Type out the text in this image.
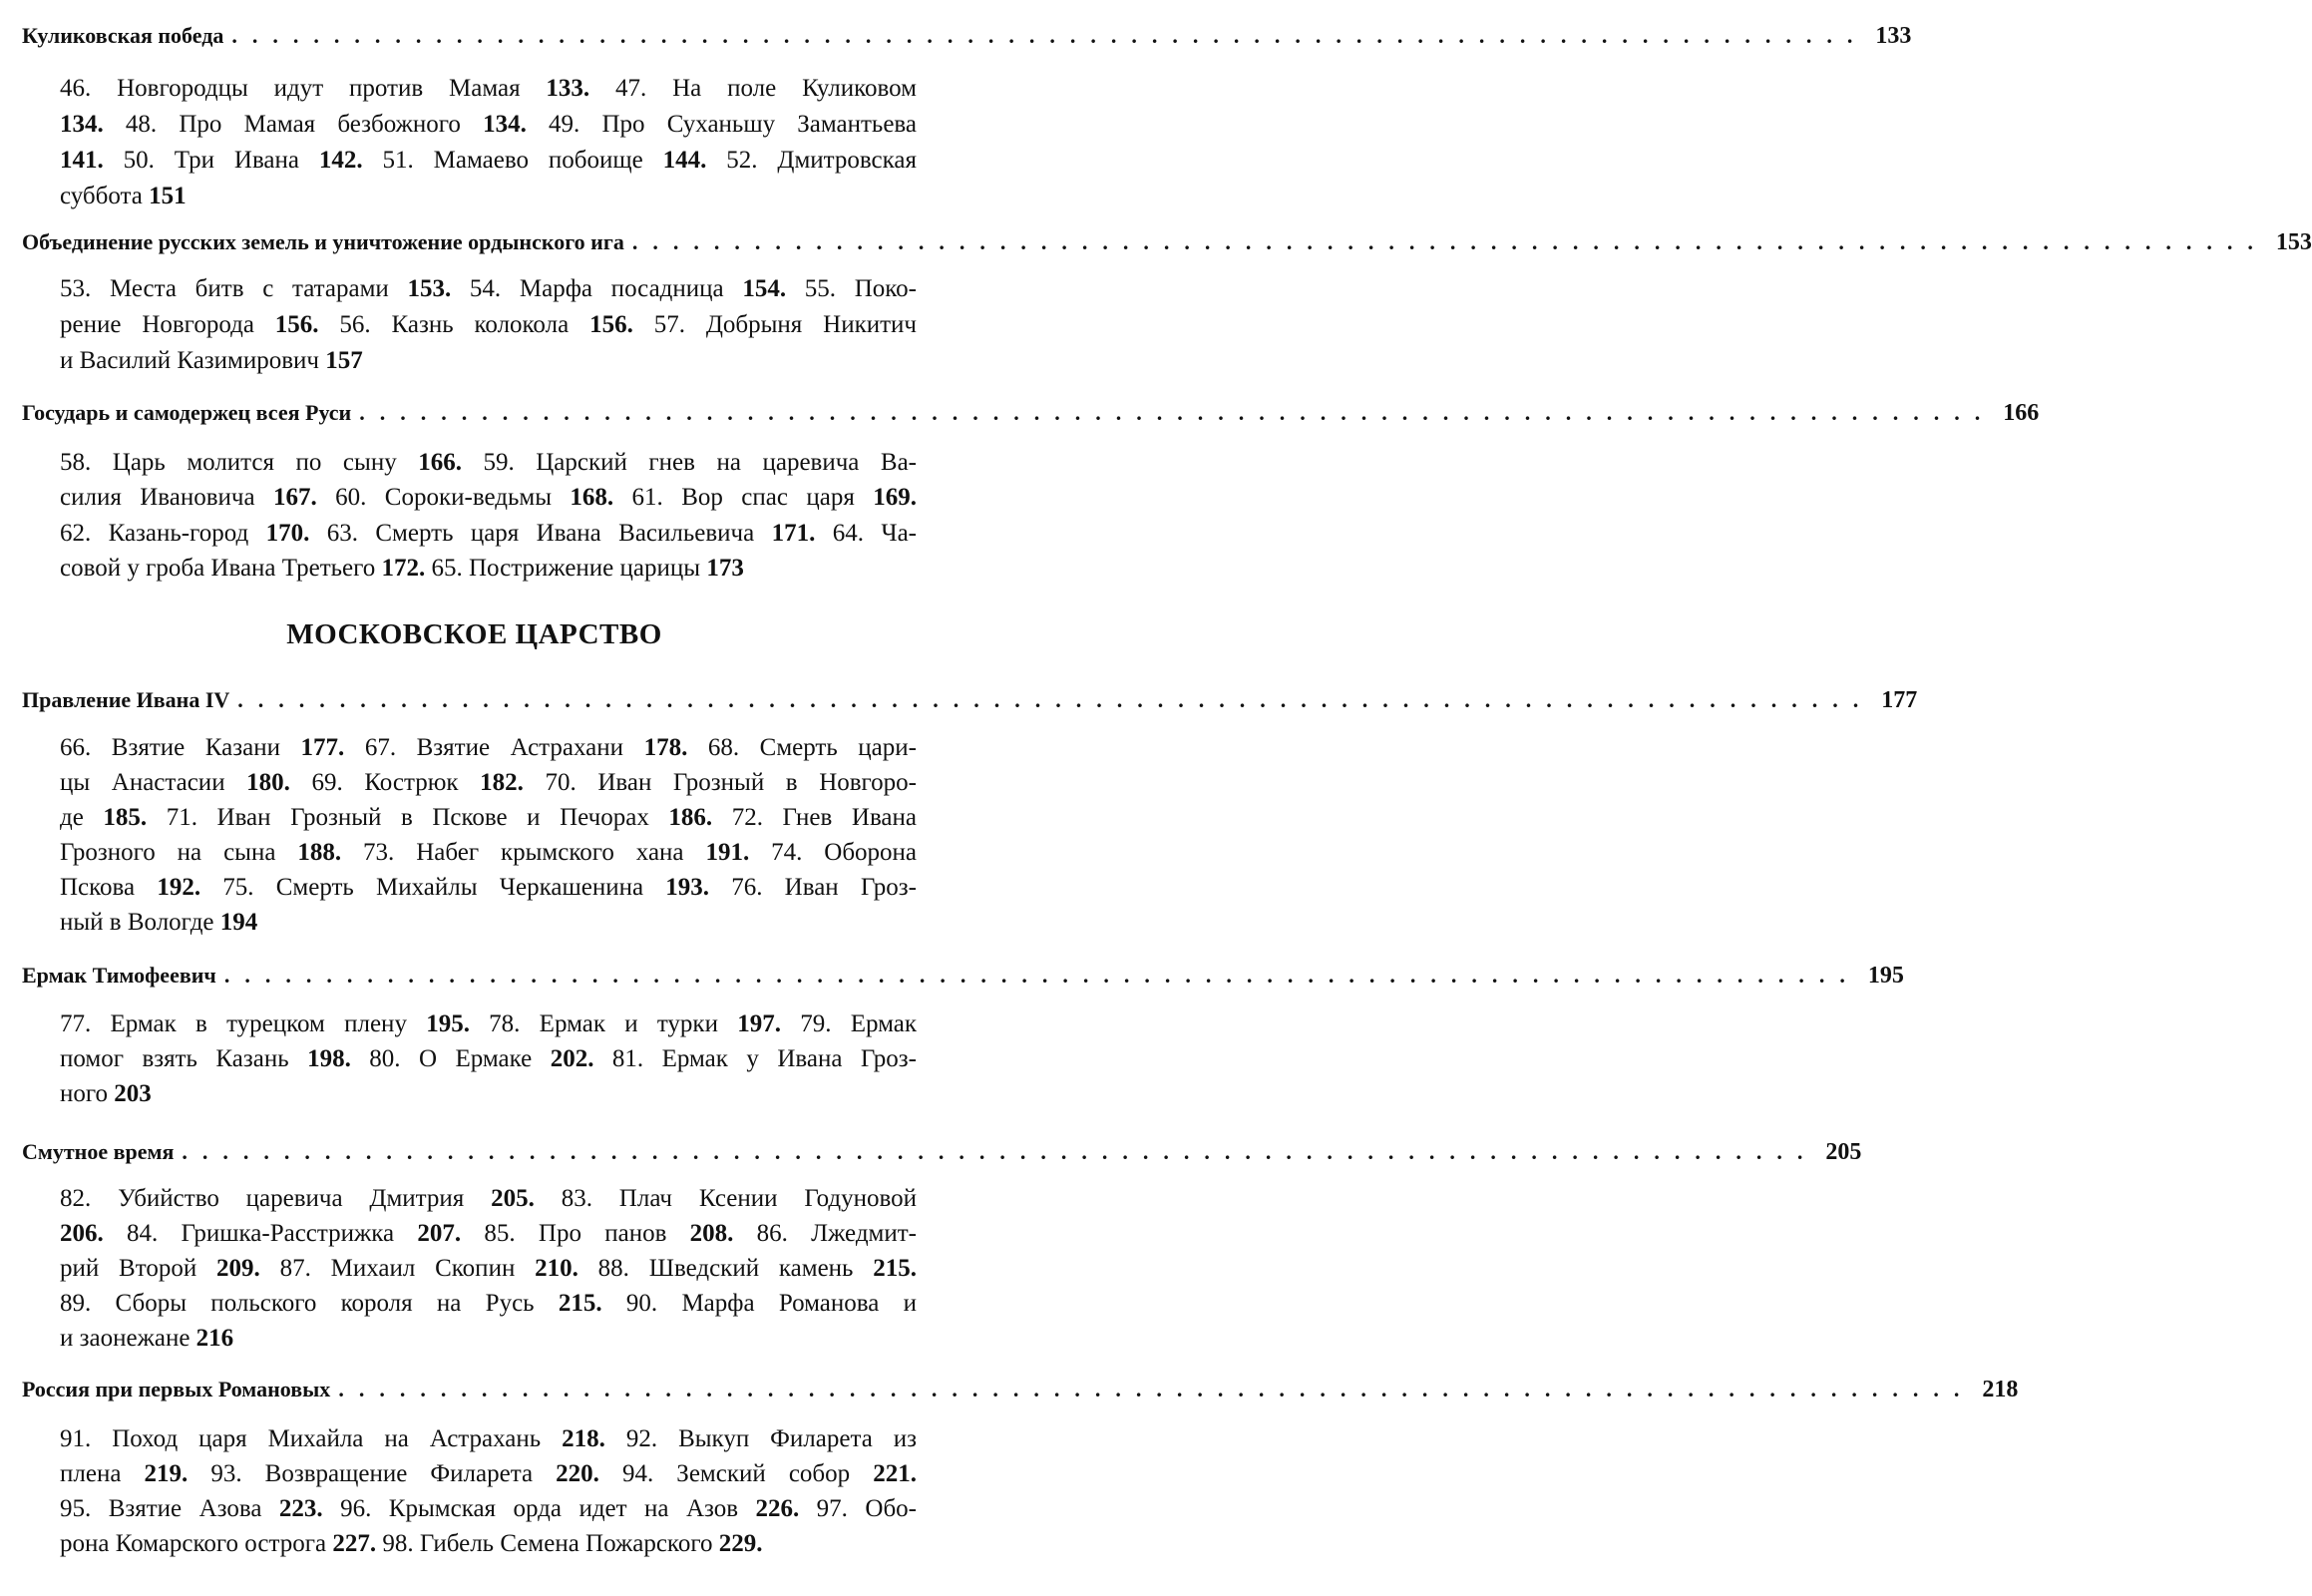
МОСКОВСКОЕ ЦАРСТВО
Куликовская победа ................................................................................ 133
46. Новгородцы идут против Мамая 133. 47. На поле Куликовом
134. 48. Про Мамая безбожного 134. 49. Про Суханьшу Замантьева
141. 50. Три Ивана 142. 51. Мамаево побоище 144. 52. Дмитровская
суббота 151
Объединение русских земель и уничтожение ордынского ига ................................................................................ 153
53. Места битв с татарами 153. 54. Марфа посадница 154. 55. Поко-
рение Новгорода 156. 56. Казнь колокола 156. 57. Добрыня Никитич
и Василий Казимирович 157
Государь и самодержец всея Руси ................................................................................ 166
58. Царь молится по сыну 166. 59. Царский гнев на царевича Ва-
силия Ивановича 167. 60. Сороки-ведьмы 168. 61. Вор спас царя 169.
62. Казань-город 170. 63. Смерть царя Ивана Васильевича 171. 64. Ча-
совой у гроба Ивана Третьего 172. 65. Пострижение царицы 173
Правление Ивана IV ................................................................................ 177
66. Взятие Казани 177. 67. Взятие Астрахани 178. 68. Смерть цари-
цы Анастасии 180. 69. Кострюк 182. 70. Иван Грозный в Новгоро-
де 185. 71. Иван Грозный в Пскове и Печорах 186. 72. Гнев Ивана
Грозного на сына 188. 73. Набег крымского хана 191. 74. Оборона
Пскова 192. 75. Смерть Михайлы Черкашенина 193. 76. Иван Гроз-
ный в Вологде 194
Ермак Тимофеевич ................................................................................ 195
77. Ермак в турецком плену 195. 78. Ермак и турки 197. 79. Ермак
помог взять Казань 198. 80. О Ермаке 202. 81. Ермак у Ивана Гроз-
ного 203
Смутное время ................................................................................ 205
82. Убийство царевича Дмитрия 205. 83. Плач Ксении Годуновой
206. 84. Гришка-Расстрижка 207. 85. Про панов 208. 86. Лжедмит-
рий Второй 209. 87. Михаил Скопин 210. 88. Шведский камень 215.
89. Сборы польского короля на Русь 215. 90. Марфа Романова и
и заонежане 216
Россия при первых Романовых ................................................................................ 218
91. Поход царя Михайла на Астрахань 218. 92. Выкуп Филарета из
плена 219. 93. Возвращение Филарета 220. 94. Земский собор 221.
95. Взятие Азова 223. 96. Крымская орда идет на Азов 226. 97. Обо-
рона Комарского острога 227. 98. Гибель Семена Пожарского 229.
